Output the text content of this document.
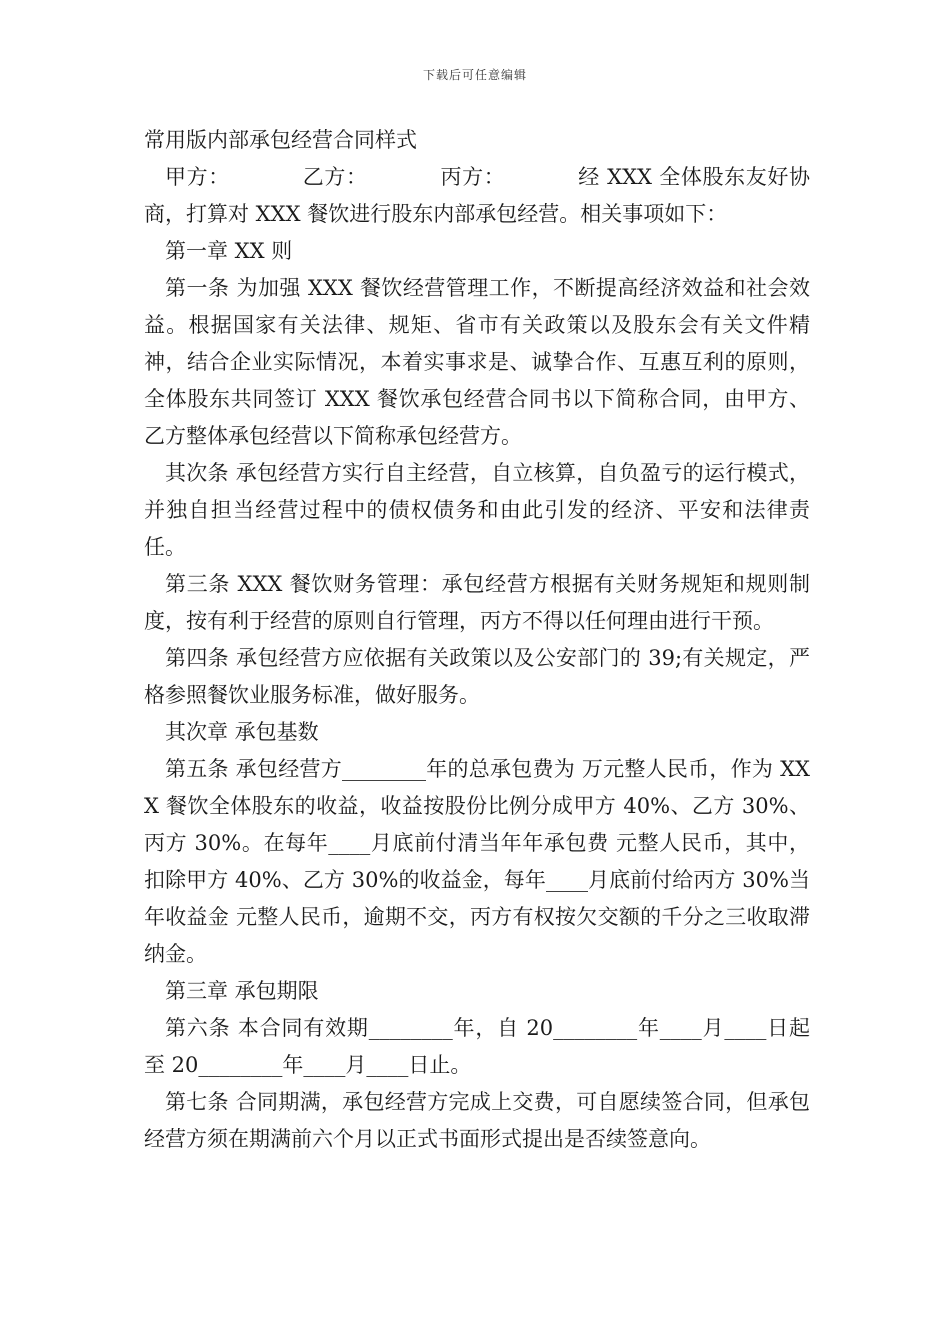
下载后可任意编辑

常用版内部承包经营合同样式

甲方：          乙方：          丙方：          经 XXX 全体股东友好协商，打算对 XXX 餐饮进行股东内部承包经营。相关事项如下：

第一章 XX 则

第一条 为加强 XXX 餐饮经营管理工作，不断提高经济效益和社会效益。根据国家有关法律、规矩、省市有关政策以及股东会有关文件精神，结合企业实际情况，本着实事求是、诚挚合作、互惠互利的原则，全体股东共同签订 XXX 餐饮承包经营合同书以下简称合同，由甲方、乙方整体承包经营以下简称承包经营方。

其次条 承包经营方实行自主经营，自立核算，自负盈亏的运行模式，并独自担当经营过程中的债权债务和由此引发的经济、平安和法律责任。

第三条 XXX 餐饮财务管理：承包经营方根据有关财务规矩和规则制度，按有利于经营的原则自行管理，丙方不得以任何理由进行干预。

第四条 承包经营方应依据有关政策以及公安部门的 39;有关规定，严格参照餐饮业服务标准，做好服务。

其次章 承包基数

第五条 承包经营方________年的总承包费为 万元整人民币，作为 XXX 餐饮全体股东的收益，收益按股份比例分成甲方 40%、乙方 30%、丙方 30%。在每年____月底前付清当年年承包费 元整人民币，其中，扣除甲方 40%、乙方 30%的收益金，每年____月底前付给丙方 30%当年收益金 元整人民币，逾期不交，丙方有权按欠交额的千分之三收取滞纳金。

第三章 承包期限

第六条 本合同有效期________年，自 20________年____月____日起至 20________年____月____日止。

第七条 合同期满，承包经营方完成上交费，可自愿续签合同，但承包经营方须在期满前六个月以正式书面形式提出是否续签意向。
